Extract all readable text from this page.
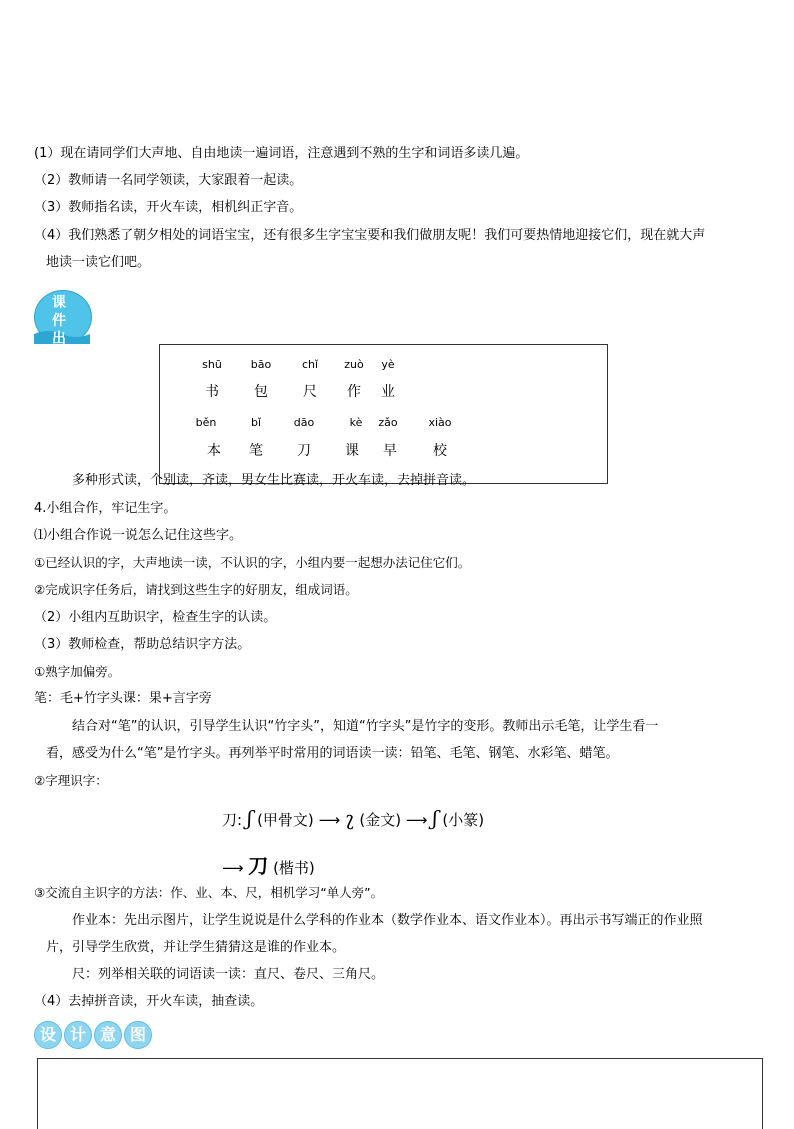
(1）现在请同学们大声地、自由地读一遍词语，注意遇到不熟的生字和词语多读几遍。
（2）教师请一名同学领读，大家跟着一起读。
（3）教师指名读，开火车读，相机纠正字音。
（4）我们熟悉了朝夕相处的词语宝宝，还有很多生字宝宝要和我们做朋友呢！我们可要热情地迎接它们，现在就大声
地读一读它们吧。
课件
出示	shū
书
bāo
包
chǐ
尺
zuò
作
yè
业
běn
本
bǐ
笔
dāo
刀
kè
课
zǎo
早
xiào
校
多种形式读，个别读，齐读，男女生比赛读，开火车读，去掉拼音读。
4.小组合作，牢记生字。
⑴小组合作说一说怎么记住这些字。
①已经认识的字，大声地读一读，不认识的字，小组内要一起想办法记住它们。
②完成识字任务后，请找到这些生字的好朋友，组成词语。
（2）小组内互助识字，检查生字的认读。
（3）教师检查，帮助总结识字方法。
①熟字加偏旁。
笔：毛+竹字头课：果+言字旁
结合对“笔”的认识，引导学生认识“竹字头”，知道“竹字头”是竹字的变形。教师出示毛笔，让学生看一
看，感受为什么“笔”是竹字头。再列举平时常用的词语读一读：铅笔、毛笔、钢笔、水彩笔、蜡笔。
②字理识字：
刀: ʃ (甲骨文) ⟶ ʅ (金文) ⟶ ʃ (小篆)
⟶ 刀 (楷书)
③交流自主识字的方法：作、业、本、尺，相机学习“单人旁”。
作业本：先出示图片，让学生说说是什么学科的作业本（数学作业本、语文作业本）。再出示书写端正的作业照
片，引导学生欣赏，并让学生猜猜这是谁的作业本。
尺：列举相关联的词语读一读：直尺、卷尺、三角尺。
（4）去掉拼音读，开火车读，抽查读。
设 计 意 图
